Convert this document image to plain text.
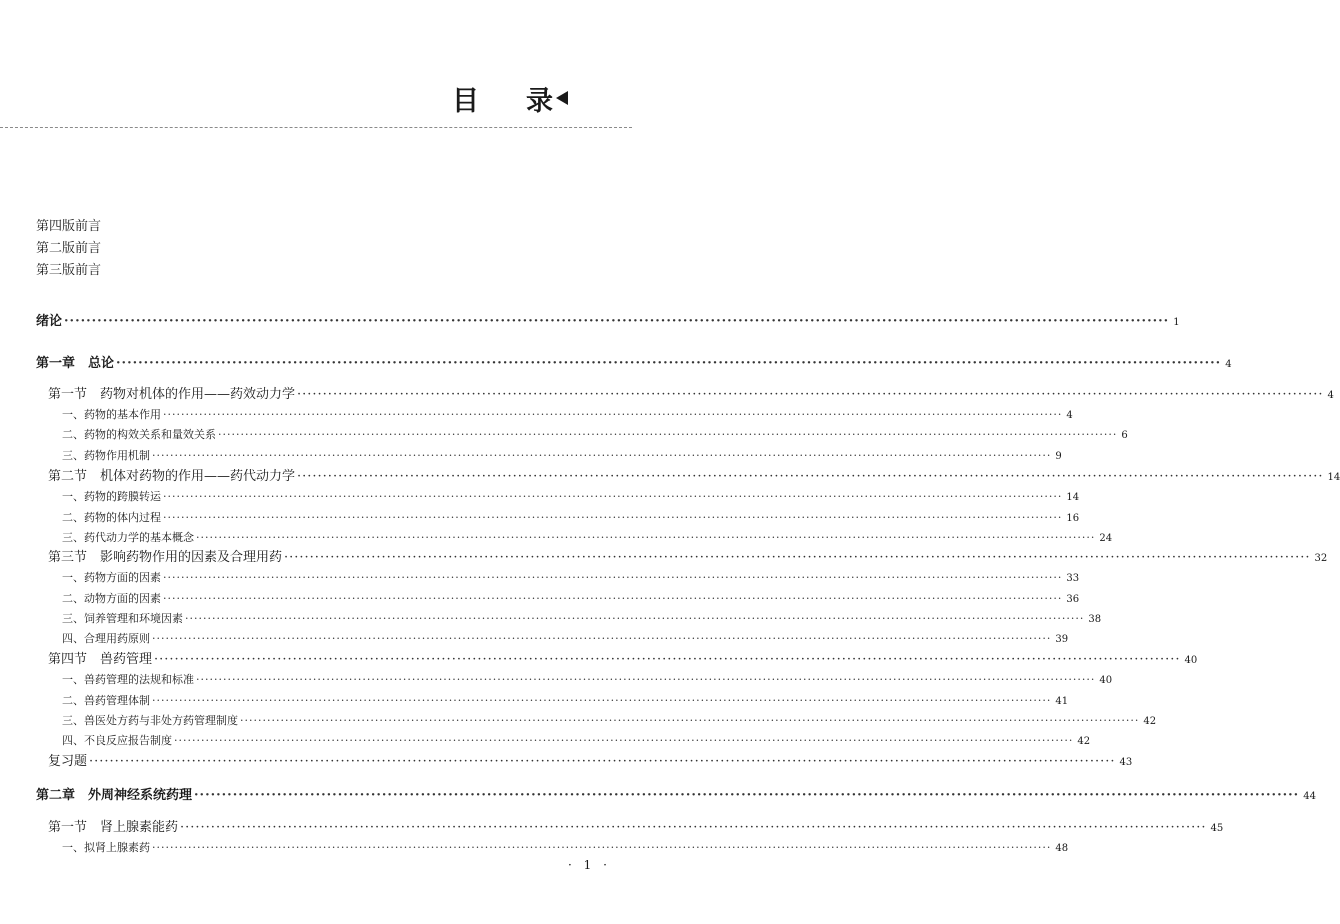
目 录
第四版前言
第二版前言
第三版前言
绪论 ········································································································································································································ 1
第一章　总论 ········································································································································································································ 4
第一节　药物对机体的作用——药效动力学 ········································································································································································································ 4
一、药物的基本作用 ········································································································································································································ 4
二、药物的构效关系和量效关系 ········································································································································································································ 6
三、药物作用机制 ········································································································································································································ 9
第二节　机体对药物的作用——药代动力学 ········································································································································································································ 14
一、药物的跨膜转运 ········································································································································································································ 14
二、药物的体内过程 ········································································································································································································ 16
三、药代动力学的基本概念 ········································································································································································································ 24
第三节　影响药物作用的因素及合理用药 ········································································································································································································ 32
一、药物方面的因素 ········································································································································································································ 33
二、动物方面的因素 ········································································································································································································ 36
三、饲养管理和环境因素 ········································································································································································································ 38
四、合理用药原则 ········································································································································································································ 39
第四节　兽药管理 ········································································································································································································ 40
一、兽药管理的法规和标准 ········································································································································································································ 40
二、兽药管理体制 ········································································································································································································ 41
三、兽医处方药与非处方药管理制度 ········································································································································································································ 42
四、不良反应报告制度 ········································································································································································································ 42
复习题 ········································································································································································································ 43
第二章　外周神经系统药理 ········································································································································································································ 44
第一节　肾上腺素能药 ········································································································································································································ 45
一、拟肾上腺素药 ········································································································································································································ 48
· 1 ·
